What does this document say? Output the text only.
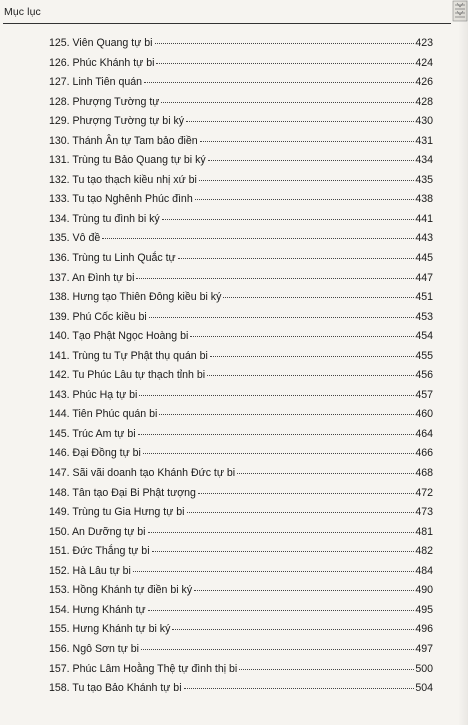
Mục lục
125. Viên Quang tự bi	423
126. Phúc Khánh tự bi	424
127. Linh Tiên quán	426
128. Phượng Tường tự	428
129. Phượng Tường tự bi ký	430
130. Thánh Ân tự Tam bảo điền	431
131. Trùng tu Bảo Quang tự bi ký	434
132. Tu tạo thạch kiều nhị xứ bi	435
133. Tu tạo Nghênh Phúc đình	438
134. Trùng tu đình bi ký	441
135. Vô đề	443
136. Trùng tu Linh Quắc tự	445
137. An Đình tự bi	447
138. Hưng tạo Thiên Đông kiều bi ký	451
139. Phú Cốc kiều bi	453
140. Tạo Phật Ngọc Hoàng bi	454
141. Trùng tu Tự Phật thụ quán bi	455
142. Tu Phúc Lâu tự thạch tỉnh bi	456
143. Phúc Hạ tự bi	457
144. Tiên Phúc quán bi	460
145. Trúc Am tự bi	464
146. Đại Đồng tự bi	466
147. Sãi vãi doanh tạo Khánh Đức tự bi	468
148. Tân tạo Đại Bi Phật tượng	472
149. Trùng tu Gia Hưng tự bi	473
150. An Dưỡng tự bi	481
151. Đức Thắng tự bi	482
152. Hà Lâu tự bi	484
153. Hồng Khánh tự điền bi ký	490
154. Hưng Khánh tự	495
155. Hưng Khánh tự bi ký	496
156. Ngô Sơn tự bi	497
157. Phúc Lâm Hoằng Thệ tự đình thị bi	500
158. Tu tạo Bảo Khánh tự bi	504
